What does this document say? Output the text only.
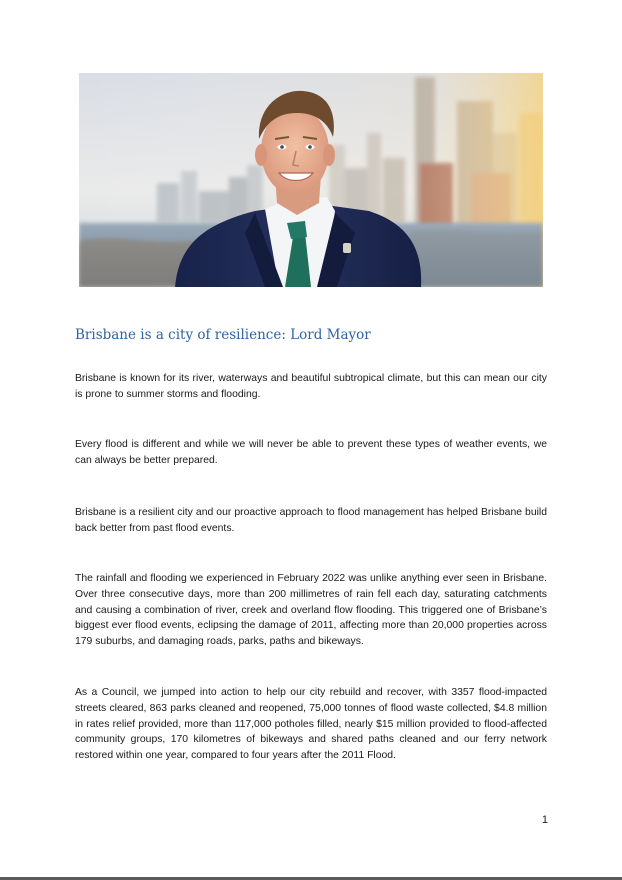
Brisbane is a city of resilience: Lord Mayor

Brisbane is known for its river, waterways and beautiful subtropical climate, but this can mean our city is prone to summer storms and flooding.

Every flood is different and while we will never be able to prevent these types of weather events, we can always be better prepared.

Brisbane is a resilient city and our proactive approach to flood management has helped Brisbane build back better from past flood events.

The rainfall and flooding we experienced in February 2022 was unlike anything ever seen in Brisbane. Over three consecutive days, more than 200 millimetres of rain fell each day, saturating catchments and causing a combination of river, creek and overland flow flooding. This triggered one of Brisbane’s biggest ever flood events, eclipsing the damage of 2011, affecting more than 20,000 properties across 179 suburbs, and damaging roads, parks, paths and bikeways.

As a Council, we jumped into action to help our city rebuild and recover, with 3357 flood-impacted streets cleared, 863 parks cleaned and reopened, 75,000 tonnes of flood waste collected, $4.8 million in rates relief provided, more than 117,000 potholes filled, nearly $15 million provided to flood-affected community groups, 170 kilometres of bikeways and shared paths cleaned and our ferry network restored within one year, compared to four years after the 2011 Flood.

1
